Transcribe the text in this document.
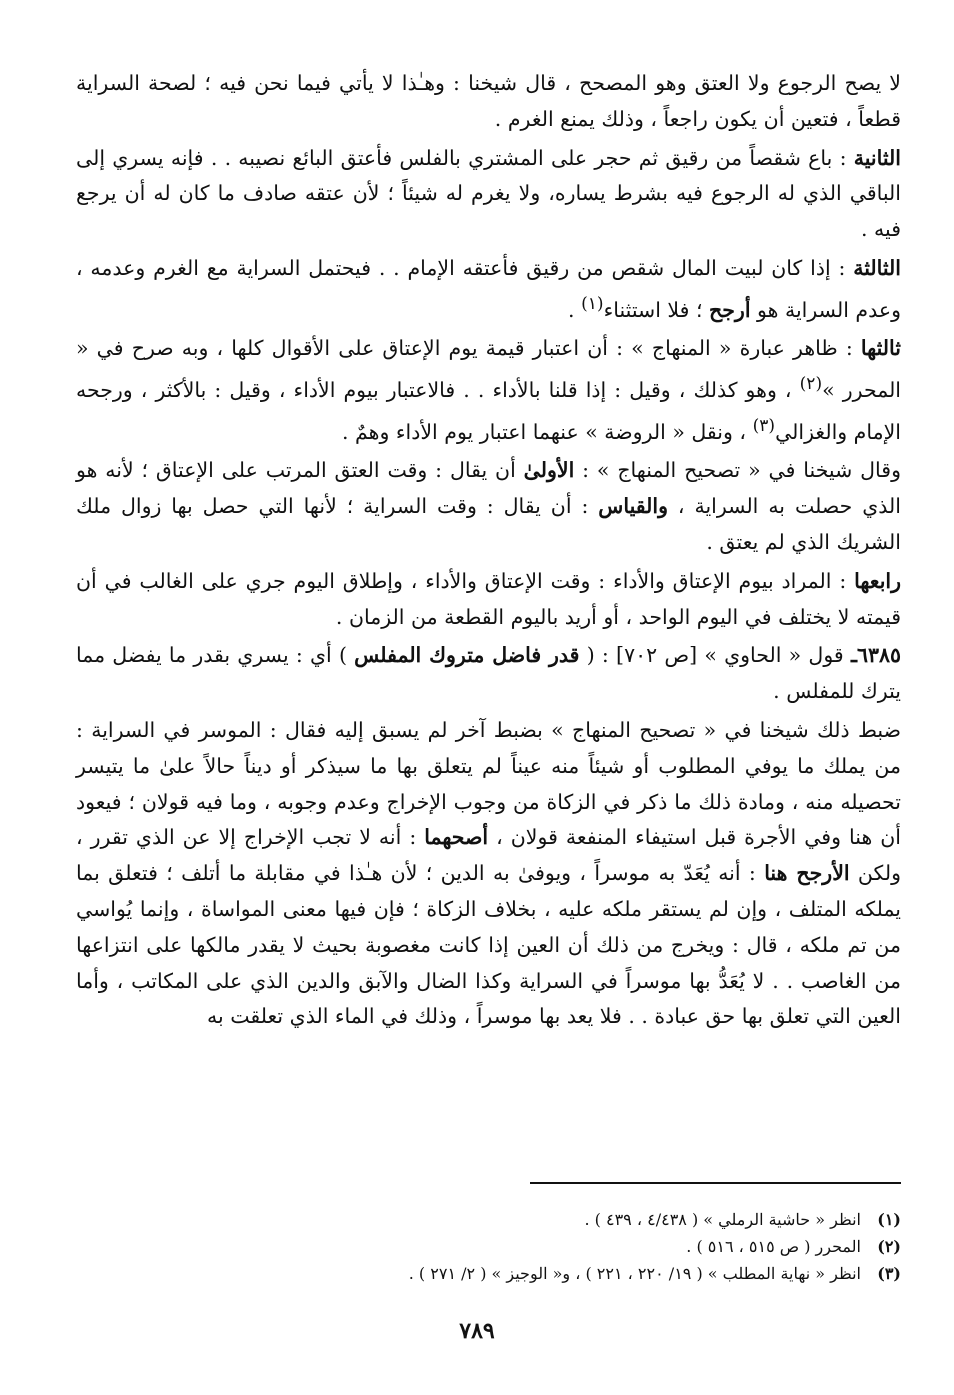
لا يصح الرجوع ولا العتق وهو المصحح ، قال شيخنا : وهـٰذا لا يأتي فيما نحن فيه ؛ لصحة السراية قطعاً ، فتعين أن يكون راجعاً ، وذلك يمنع الغرم .

الثانية : باع شقصاً من رقيق ثم حجر على المشتري بالفلس فأعتق البائع نصيبه . . فإنه يسري إلى الباقي الذي له الرجوع فيه بشرط يساره، ولا يغرم له شيئاً ؛ لأن عتقه صادف ما كان له أن يرجع فيه .

الثالثة : إذا كان لبيت المال شقص من رقيق فأعتقه الإمام . . فيحتمل السراية مع الغرم وعدمه ، وعدم السراية هو أرجح ؛ فلا استثناء$^{(١)}$ .

ثالثها : ظاهر عبارة « المنهاج » : أن اعتبار قيمة يوم الإعتاق على الأقوال كلها ، وبه صرح في « المحرر »$^{(٢)}$ ، وهو كذلك ، وقيل : إذا قلنا بالأداء . . فالاعتبار بيوم الأداء ، وقيل : بالأكثر ، ورجحه الإمام والغزالي$^{(٣)}$ ، ونقل « الروضة » عنهما اعتبار يوم الأداء وهمٌ .

وقال شيخنا في « تصحيح المنهاج » : الأولىٰ أن يقال : وقت العتق المرتب على الإعتاق ؛ لأنه هو الذي حصلت به السراية ، والقياس : أن يقال : وقت السراية ؛ لأنها التي حصل بها زوال ملك الشريك الذي لم يعتق .

رابعها : المراد بيوم الإعتاق والأداء : وقت الإعتاق والأداء ، وإطلاق اليوم جري على الغالب في أن قيمته لا يختلف في اليوم الواحد ، أو أريد باليوم القطعة من الزمان .

٦٣٨٥ـ قول « الحاوي » [ص ٧٠٢] : ( قدر فاضل متروك المفلس ) أي : يسري بقدر ما يفضل مما يترك للمفلس .

ضبط ذلك شيخنا في « تصحيح المنهاج » بضبط آخر لم يسبق إليه فقال : الموسر في السراية : من يملك ما يوفي المطلوب أو شيئاً منه عيناً لم يتعلق بها ما سيذكر أو ديناً حالاً علىٰ ما يتيسر تحصيله منه ، ومادة ذلك ما ذكر في الزكاة من وجوب الإخراج وعدم وجوبه ، وما فيه قولان ؛ فيعود أن هنا وفي الأجرة قبل استيفاء المنفعة قولان ، أصحهما : أنه لا تجب الإخراج إلا عن الذي تقرر ، ولكن الأرجح هنا : أنه يُعَدّ به موسراً ، ويوفىٰ به الدين ؛ لأن هـٰذا في مقابلة ما أتلف ؛ فتعلق بما يملكه المتلف ، وإن لم يستقر ملكه عليه ، بخلاف الزكاة ؛ فإن فيها معنى المواساة ، وإنما يُواسي من تم ملكه ، قال : ويخرج من ذلك أن العين إذا كانت مغصوبة بحيث لا يقدر مالكها على انتزاعها من الغاصب . . لا يُعَدُّ بها موسراً في السراية وكذا الضال والآبق والدين الذي على المكاتب ، وأما العين التي تعلق بها حق عبادة . . فلا يعد بها موسراً ، وذلك في الماء الذي تعلقت به

(١)انظر « حاشية الرملي » ( ٤/٤٣٨ ، ٤٣٩ ) .
(٢)المحرر ( ص ٥١٥ ، ٥١٦ ) .
(٣)انظر « نهاية المطلب » ( ١٩/ ٢٢٠ ، ٢٢١ ) ، و« الوجيز » ( ٢/ ٢٧١ ) .
٧٨٩
